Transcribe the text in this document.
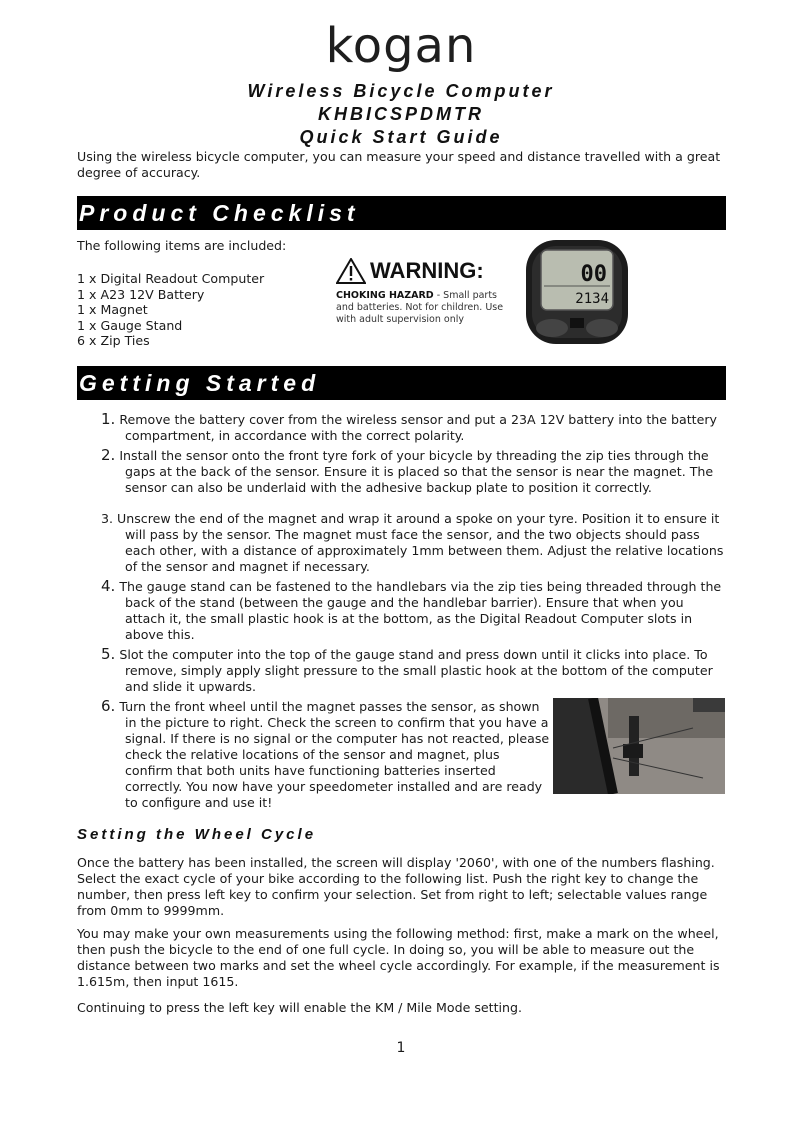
kogan
Wireless Bicycle Computer
KHBICSPDMTR
Quick Start Guide

Using the wireless bicycle computer, you can measure your speed and distance travelled with a great degree of accuracy.

Product Checklist

The following items are included:

1 x Digital Readout Computer
1 x A23 12V Battery
1 x Magnet
1 x Gauge Stand
6 x Zip Ties
WARNING:
CHOKING HAZARD - Small parts and batteries. Not for children. Use with adult supervision only
00
2134
Getting Started
1. Remove the battery cover from the wireless sensor and put a 23A 12V battery into the battery compartment, in accordance with the correct polarity.
2. Install the sensor onto the front tyre fork of your bicycle by threading the zip ties through the gaps at the back of the sensor. Ensure it is placed so that the sensor is near the magnet. The sensor can also be underlaid with the adhesive backup plate to position it correctly.
3. Unscrew the end of the magnet and wrap it around a spoke on your tyre. Position it to ensure it will pass by the sensor. The magnet must face the sensor, and the two objects should pass each other, with a distance of approximately 1mm between them. Adjust the relative locations of the sensor and magnet if necessary.
4. The gauge stand can be fastened to the handlebars via the zip ties being threaded through the back of the stand (between the gauge and the handlebar barrier). Ensure that when you attach it, the small plastic hook is at the bottom, as the Digital Readout Computer slots in above this.
5. Slot the computer into the top of the gauge stand and press down until it clicks into place. To remove, simply apply slight pressure to the small plastic hook at the bottom of the computer and slide it upwards.
6. Turn the front wheel until the magnet passes the sensor, as shown in the picture to right. Check the screen to confirm that you have a signal. If there is no signal or the computer has not reacted, please check the relative locations of the sensor and magnet, plus confirm that both units have functioning batteries inserted correctly. You now have your speedometer installed and are ready to configure and use it!
Setting the Wheel Cycle

Once the battery has been installed, the screen will display '2060', with one of the numbers flashing. Select the exact cycle of your bike according to the following list. Push the right key to change the number, then press left key to confirm your selection. Set from right to left; selectable values range from 0mm to 9999mm.

You may make your own measurements using the following method: first, make a mark on the wheel, then push the bicycle to the end of one full cycle. In doing so, you will be able to measure out the distance between two marks and set the wheel cycle accordingly. For example, if the measurement is 1.615m, then input 1615.

Continuing to press the left key will enable the KM / Mile Mode setting.

1
